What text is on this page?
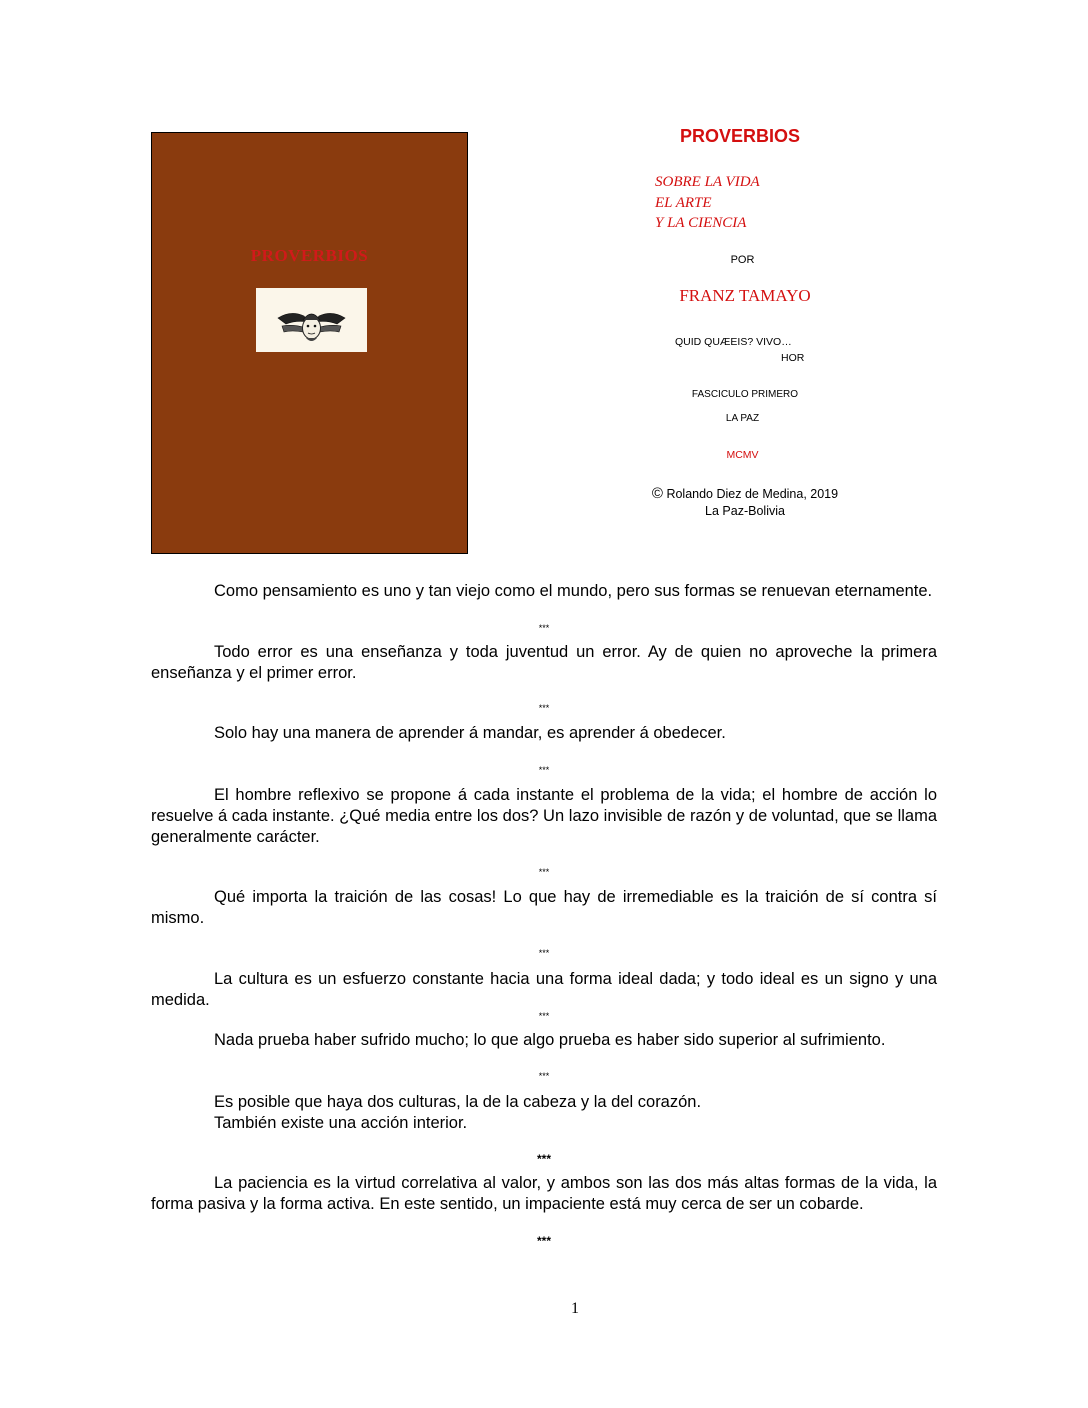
PROVERBIOS
PROVERBIOS
SOBRE LA VIDA
EL ARTE
Y LA CIENCIA
POR
FRANZ TAMAYO
QUID QUÆEIS? VIVO…
HOR
FASCICULO PRIMERO
LA PAZ
MCMV
© Rolando Diez de Medina, 2019
La Paz-Bolivia

Como pensamiento es uno y tan viejo como el mundo, pero sus formas se renuevan eternamente.

***

Todo error es una enseñanza y toda juventud un error. Ay de quien no aproveche la primera enseñanza y el primer error.

***

Solo hay una manera de aprender á mandar, es aprender á obedecer.

***

El hombre reflexivo se propone á cada instante el problema de la vida; el hombre de acción lo resuelve á cada instante. ¿Qué media entre los dos? Un lazo invisible de razón y de voluntad, que se llama generalmente carácter.

***

Qué importa la traición de las cosas! Lo que hay de irremediable es la traición de sí contra sí mismo.

***

La cultura es un esfuerzo constante hacia una forma ideal dada; y todo ideal es un signo y una medida.

***

Nada prueba haber sufrido mucho; lo que algo prueba es haber sido superior al sufrimiento.

***

Es posible que haya dos culturas, la de la cabeza y la del corazón.

También existe una acción interior.

***

La paciencia es la virtud correlativa al valor, y ambos son las dos más altas formas de la vida, la forma pasiva y la forma activa. En este sentido, un impaciente está muy cerca de ser un cobarde.

***
1
